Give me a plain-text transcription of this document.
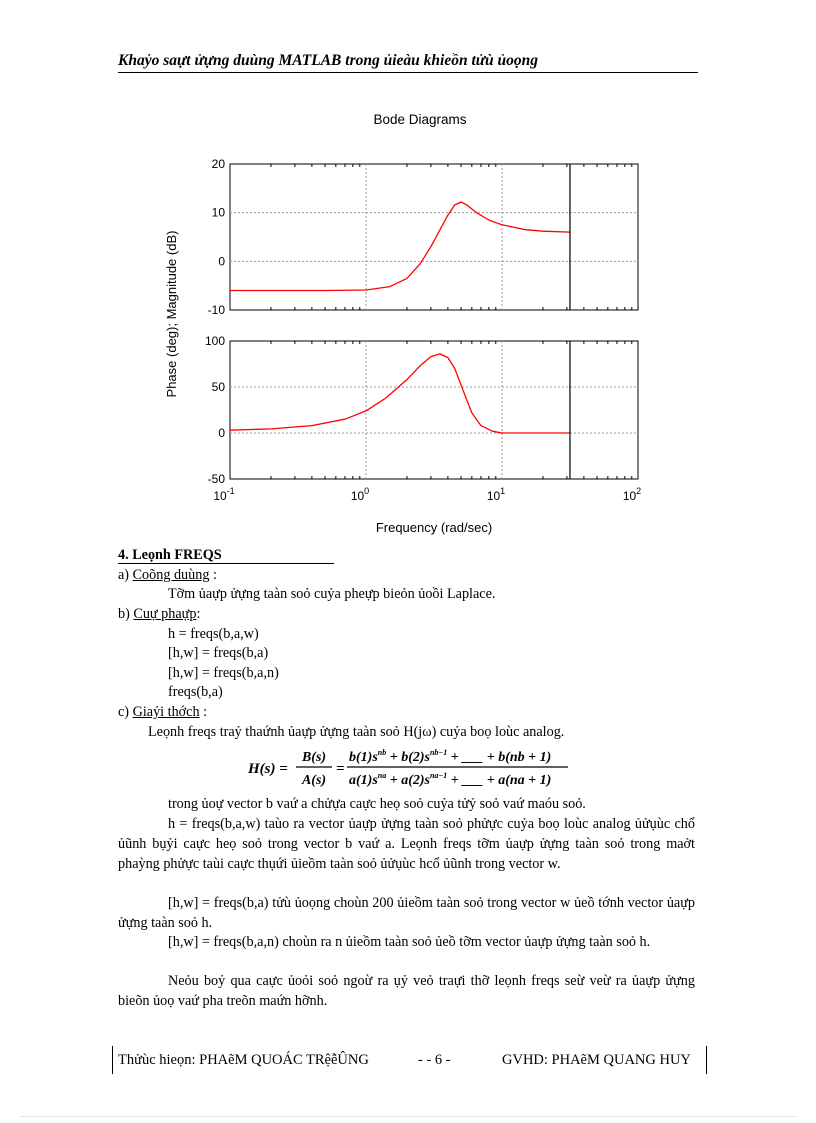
Khaỷo saựt ửựng duùng MATLAB trong ủieàu khieồn tửù ủoọng
Bode Diagrams
Phase (deg); Magnitude (dB)
Frequency (rad/sec)
20
10
0
-10
100
50
0
-50
$10^{-1}$	$10^0$	$10^1$	$10^2$
4. Leọnh FREQS
a) Coõng duùng :
Tỡm ủaựp ửựng taàn soỏ cuỷa pheựp bieỏn ủoồi Laplace.
b) Cuự phaựp:
h = freqs(b,a,w)
[h,w] = freqs(b,a)
[h,w] = freqs(b,a,n)
freqs(b,a)
c) Giaỷi thớch :
Leọnh freqs traỷ thaứnh ủaựp ửựng taàn soỏ H(jω) cuỷa boọ loùc analog.
H(s) =
B(s)
A(s)
=
$b(1)s^{nb} + b(2)s^{nb-1}$ + ___ + b(nb + 1)
$a(1)s^{na} + a(2)s^{na-1}$ + ___ + a(na + 1)
trong ủoự vector b vaứ a chửựa caực heọ soỏ cuỷa tửỷ soỏ vaứ maóu soỏ.
h = freqs(b,a,w) taùo ra vector ủaựp ửựng taàn soỏ phửực cuỷa boọ loùc analog ủửụùc chổ ủũnh bụỷi caực heọ soỏ trong vector b vaứ a. Leọnh freqs tỡm ủaựp ửựng taàn soỏ trong maởt phaỳng phửực taùi caực thụứi ủieồm taàn soỏ ủửụùc hcổ ủũnh trong vector w.
[h,w] = freqs(b,a) tửù ủoọng choùn 200 ủieồm taàn soỏ trong vector w ủeồ tớnh vector ủaựp ửựng taàn soỏ h.
[h,w] = freqs(b,a,n) choùn ra n ủieồm taàn soỏ ủeồ tỡm vector ủaựp ửựng taàn soỏ h.
Neỏu boỷ qua caực ủoỏi soỏ ngoừ ra ụỷ veỏ traựi thỡ leọnh freqs seừ veừ ra ủaựp ửựng bieõn ủoọ vaứ pha treõn maứn hỡnh.
Thửùc hieọn: PHAẽM QUOÁC TRệễÛNG	- - 6 -	GVHD: PHAẽM QUANG HUY
